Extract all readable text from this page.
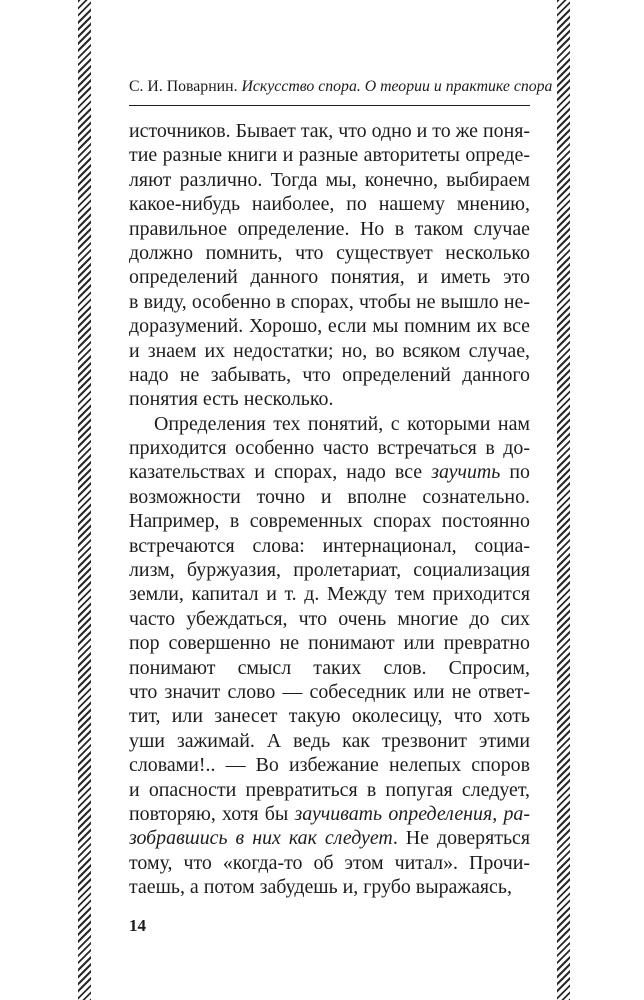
С. И. Поварнин. Искусство спора. О теории и практике спора
источников. Бывает так, что одно и то же поня-
тие разные книги и разные авторитеты опреде-
ляют различно. Тогда мы, конечно, выбираем
какое-нибудь наиболее, по нашему мнению,
правильное определение. Но в таком случае
должно помнить, что существует несколько
определений данного понятия, и иметь это
в виду, особенно в спорах, чтобы не вышло не-
доразумений. Хорошо, если мы помним их все
и знаем их недостатки; но, во всяком случае,
надо не забывать, что определений данного
понятия есть несколько.
Определения тех понятий, с которыми нам
приходится особенно часто встречаться в до-
казательствах и спорах, надо все заучить по
возможности точно и вполне сознательно.
Например, в современных спорах постоянно
встречаются слова: интернационал, социа-
лизм, буржуазия, пролетариат, социализация
земли, капитал и т. д. Между тем приходится
часто убеждаться, что очень многие до сих
пор совершенно не понимают или превратно
понимают смысл таких слов. Спросим,
что значит слово — собеседник или не ответ-
тит, или занесет такую околесицу, что хоть
уши зажимай. А ведь как трезвонит этими
словами!.. — Во избежание нелепых споров
и опасности превратиться в попугая следует,
повторяю, хотя бы заучивать определения, ра-
зобравшись в них как следует. Не доверяться
тому, что «когда-то об этом читал». Прочи-
таешь, а потом забудешь и, грубо выражаясь,
14
